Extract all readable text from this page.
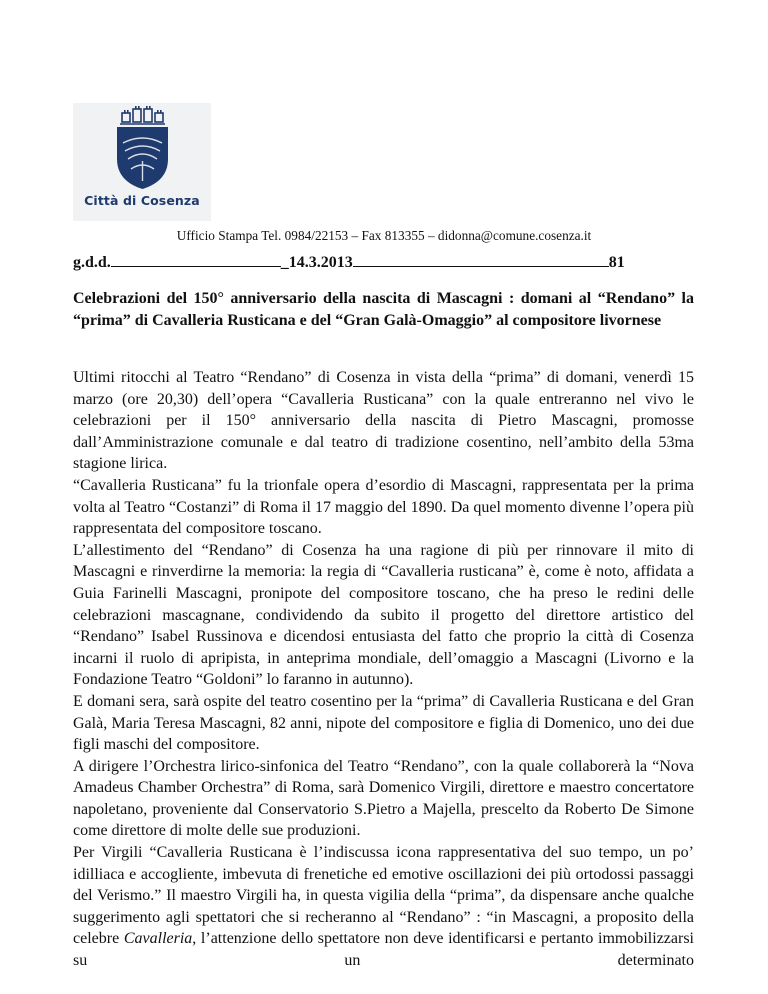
Città di Cosenza
Ufficio Stampa Tel. 0984/22153 – Fax 813355 – didonna@comune.cosenza.it
g.d.d.	_14.3.2013	81
Celebrazioni del 150° anniversario della nascita di Mascagni : domani al “Rendano” la “prima” di Cavalleria Rusticana e del “Gran Galà-Omaggio” al compositore livornese

Ultimi ritocchi al Teatro “Rendano” di Cosenza in vista della “prima” di domani, venerdì 15 marzo (ore 20,30) dell’opera “Cavalleria Rusticana” con la quale entreranno nel vivo le celebrazioni per il 150° anniversario della nascita di Pietro Mascagni, promosse dall’Amministrazione comunale e dal teatro di tradizione cosentino, nell’ambito della 53ma stagione lirica.

“Cavalleria Rusticana” fu la trionfale opera d’esordio di Mascagni, rappresentata per la prima volta al Teatro “Costanzi” di Roma il 17 maggio del 1890. Da quel momento divenne l’opera più rappresentata del compositore toscano.

L’allestimento del “Rendano” di Cosenza ha una ragione di più per rinnovare il mito di Mascagni e rinverdirne la memoria: la regia di “Cavalleria rusticana” è, come è noto, affidata a Guia Farinelli Mascagni, pronipote del compositore toscano, che ha preso le redini delle celebrazioni mascagnane, condividendo da subito il progetto del direttore artistico del “Rendano” Isabel Russinova e dicendosi entusiasta del fatto che proprio la città di Cosenza incarni il ruolo di apripista, in anteprima mondiale, dell’omaggio a Mascagni (Livorno e la Fondazione Teatro “Goldoni” lo faranno in autunno).

E domani sera, sarà ospite del teatro cosentino per la “prima” di Cavalleria Rusticana e del Gran Galà, Maria Teresa Mascagni, 82 anni, nipote del compositore e figlia di Domenico, uno dei due figli maschi del compositore.

A dirigere l’Orchestra lirico-sinfonica del Teatro “Rendano”, con la quale collaborerà la “Nova Amadeus Chamber Orchestra” di Roma, sarà Domenico Virgili, direttore e maestro concertatore napoletano, proveniente dal Conservatorio S.Pietro a Majella, prescelto da Roberto De Simone come direttore di molte delle sue produzioni.

Per Virgili “Cavalleria Rusticana è l’indiscussa icona rappresentativa del suo tempo, un po’ idilliaca e accogliente, imbevuta di frenetiche ed emotive oscillazioni dei più ortodossi passaggi del Verismo.” Il maestro Virgili ha, in questa vigilia della “prima”, da dispensare anche qualche suggerimento agli spettatori che si recheranno al “Rendano” : “in Mascagni, a proposito della celebre Cavalleria, l’attenzione dello spettatore non deve identificarsi e pertanto immobilizzarsi su un determinato
